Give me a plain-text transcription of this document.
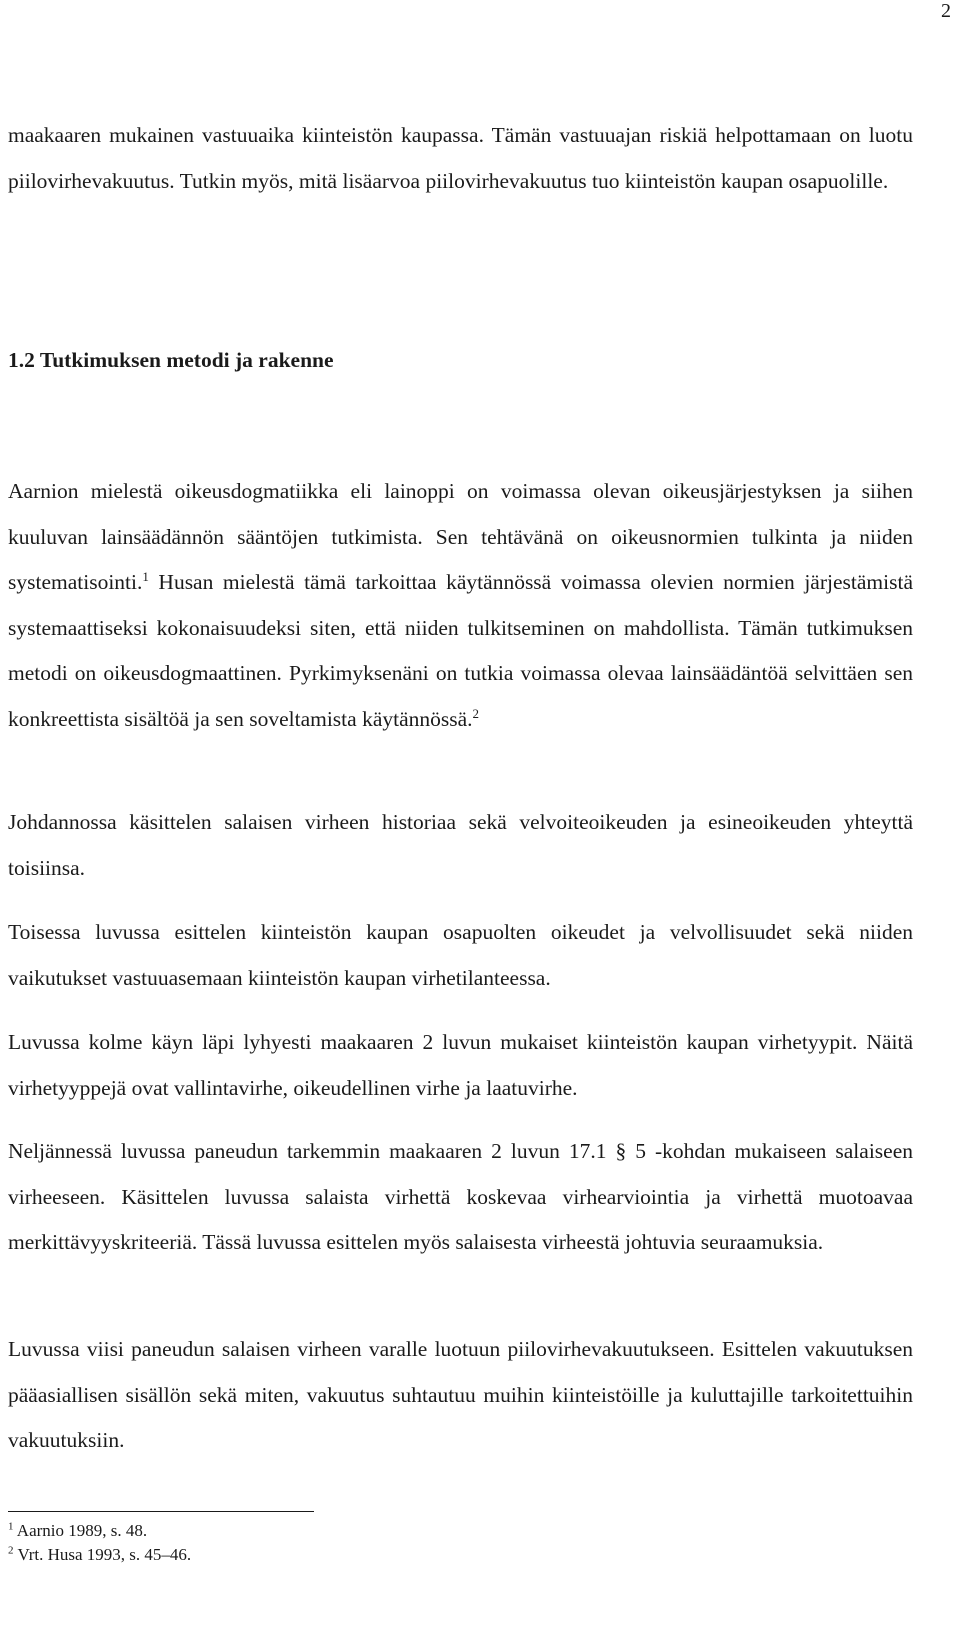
2

maakaaren mukainen vastuuaika kiinteistön kaupassa. Tämän vastuuajan riskiä helpottamaan on luotu piilovirhevakuutus. Tutkin myös, mitä lisäarvoa piilovirhevakuutus tuo kiinteistön kaupan osapuolille.

1.2 Tutkimuksen metodi ja rakenne

Aarnion mielestä oikeusdogmatiikka eli lainoppi on voimassa olevan oikeusjärjestyksen ja siihen kuuluvan lainsäädännön sääntöjen tutkimista. Sen tehtävänä on oikeusnormien tulkinta ja niiden systematisointi.$^1$ Husan mielestä tämä tarkoittaa käytännössä voimassa olevien normien järjestämistä systemaattiseksi kokonaisuudeksi siten, että niiden tulkitseminen on mahdollista. Tämän tutkimuksen metodi on oikeusdogmaattinen. Pyrkimyksenäni on tutkia voimassa olevaa lainsäädäntöä selvittäen sen konkreettista sisältöä ja sen soveltamista käytännössä.$^2$

Johdannossa käsittelen salaisen virheen historiaa sekä velvoiteoikeuden ja esineoikeuden yhteyttä toisiinsa.

Toisessa luvussa esittelen kiinteistön kaupan osapuolten oikeudet ja velvollisuudet sekä niiden vaikutukset vastuuasemaan kiinteistön kaupan virhetilanteessa.

Luvussa kolme käyn läpi lyhyesti maakaaren 2 luvun mukaiset kiinteistön kaupan virhetyypit. Näitä virhetyyppejä ovat vallintavirhe, oikeudellinen virhe ja laatuvirhe.

Neljännessä luvussa paneudun tarkemmin maakaaren 2 luvun 17.1 § 5 -kohdan mukaiseen salaiseen virheeseen. Käsittelen luvussa salaista virhettä koskevaa virhearviointia ja virhettä muotoavaa merkittävyyskriteeriä. Tässä luvussa esittelen myös salaisesta virheestä johtuvia seuraamuksia.

Luvussa viisi paneudun salaisen virheen varalle luotuun piilovirhevakuutukseen. Esittelen vakuutuksen pääasiallisen sisällön sekä miten, vakuutus suhtautuu muihin kiinteistöille ja kuluttajille tarkoitettuihin vakuutuksiin.

$^1$ Aarnio 1989, s. 48.

$^2$ Vrt. Husa 1993, s. 45–46.
